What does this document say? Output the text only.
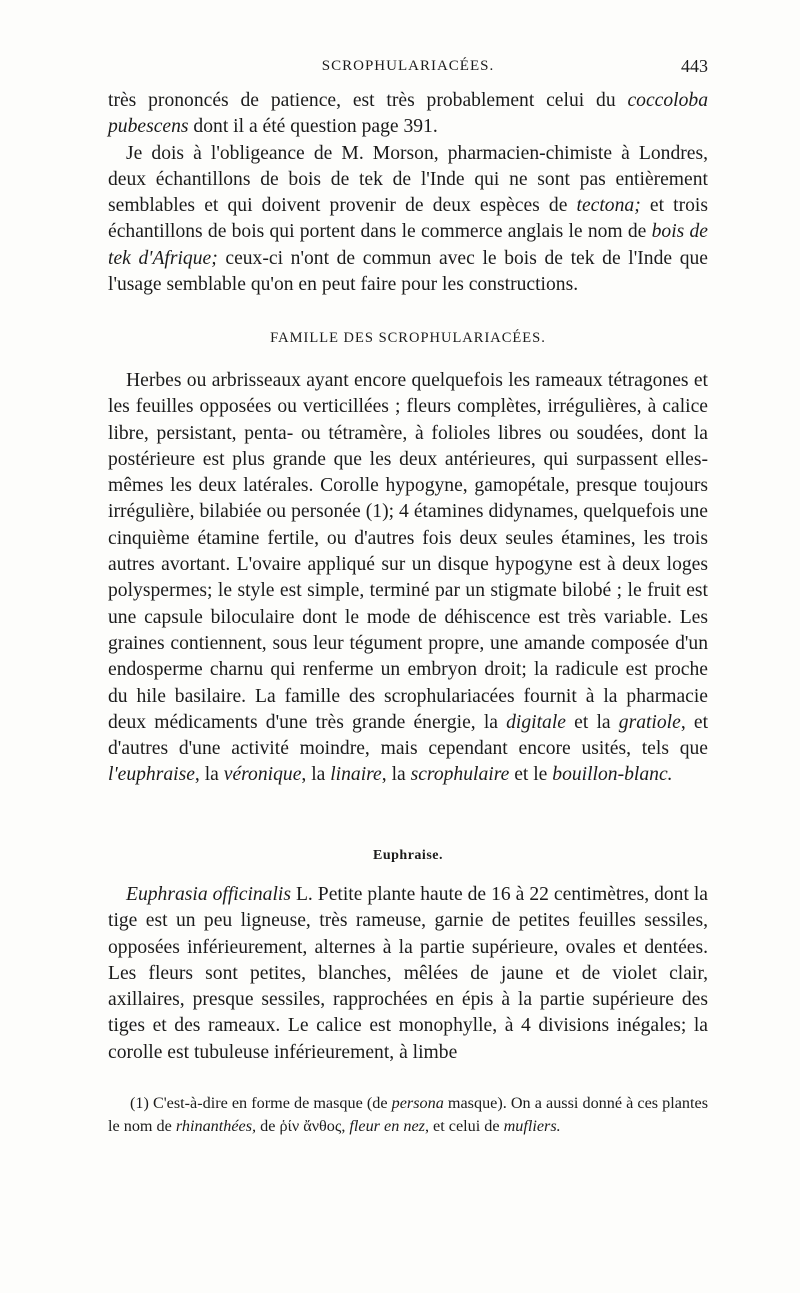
SCROPHULARIACÉES.	443

très prononcés de patience, est très probablement celui du coccoloba pubescens dont il a été question page 391.

Je dois à l'obligeance de M. Morson, pharmacien-chimiste à Londres, deux échantillons de bois de tek de l'Inde qui ne sont pas entièrement semblables et qui doivent provenir de deux espèces de tectona; et trois échantillons de bois qui portent dans le commerce anglais le nom de bois de tek d'Afrique; ceux-ci n'ont de commun avec le bois de tek de l'Inde que l'usage semblable qu'on en peut faire pour les constructions.

FAMILLE DES SCROPHULARIACÉES.

Herbes ou arbrisseaux ayant encore quelquefois les rameaux tétragones et les feuilles opposées ou verticillées ; fleurs complètes, irrégulières, à calice libre, persistant, penta- ou tétramère, à folioles libres ou soudées, dont la postérieure est plus grande que les deux antérieures, qui surpassent elles-mêmes les deux latérales. Corolle hypogyne, gamopétale, presque toujours irrégulière, bilabiée ou personée (1); 4 étamines didynames, quelquefois une cinquième étamine fertile, ou d'autres fois deux seules étamines, les trois autres avortant. L'ovaire appliqué sur un disque hypogyne est à deux loges polyspermes; le style est simple, terminé par un stigmate bilobé ; le fruit est une capsule biloculaire dont le mode de déhiscence est très variable. Les graines contiennent, sous leur tégument propre, une amande composée d'un endosperme charnu qui renferme un embryon droit; la radicule est proche du hile basilaire. La famille des scrophulariacées fournit à la pharmacie deux médicaments d'une très grande énergie, la digitale et la gratiole, et d'autres d'une activité moindre, mais cependant encore usités, tels que l'euphraise, la véronique, la linaire, la scrophulaire et le bouillon-blanc.

Euphraise.

Euphrasia officinalis L. Petite plante haute de 16 à 22 centimètres, dont la tige est un peu ligneuse, très rameuse, garnie de petites feuilles sessiles, opposées inférieurement, alternes à la partie supérieure, ovales et dentées. Les fleurs sont petites, blanches, mêlées de jaune et de violet clair, axillaires, presque sessiles, rapprochées en épis à la partie supérieure des tiges et des rameaux. Le calice est monophylle, à 4 divisions inégales; la corolle est tubuleuse inférieurement, à limbe

(1) C'est-à-dire en forme de masque (de persona masque). On a aussi donné à ces plantes le nom de rhinanthées, de ῥίν ἄνθος, fleur en nez, et celui de mufliers.
